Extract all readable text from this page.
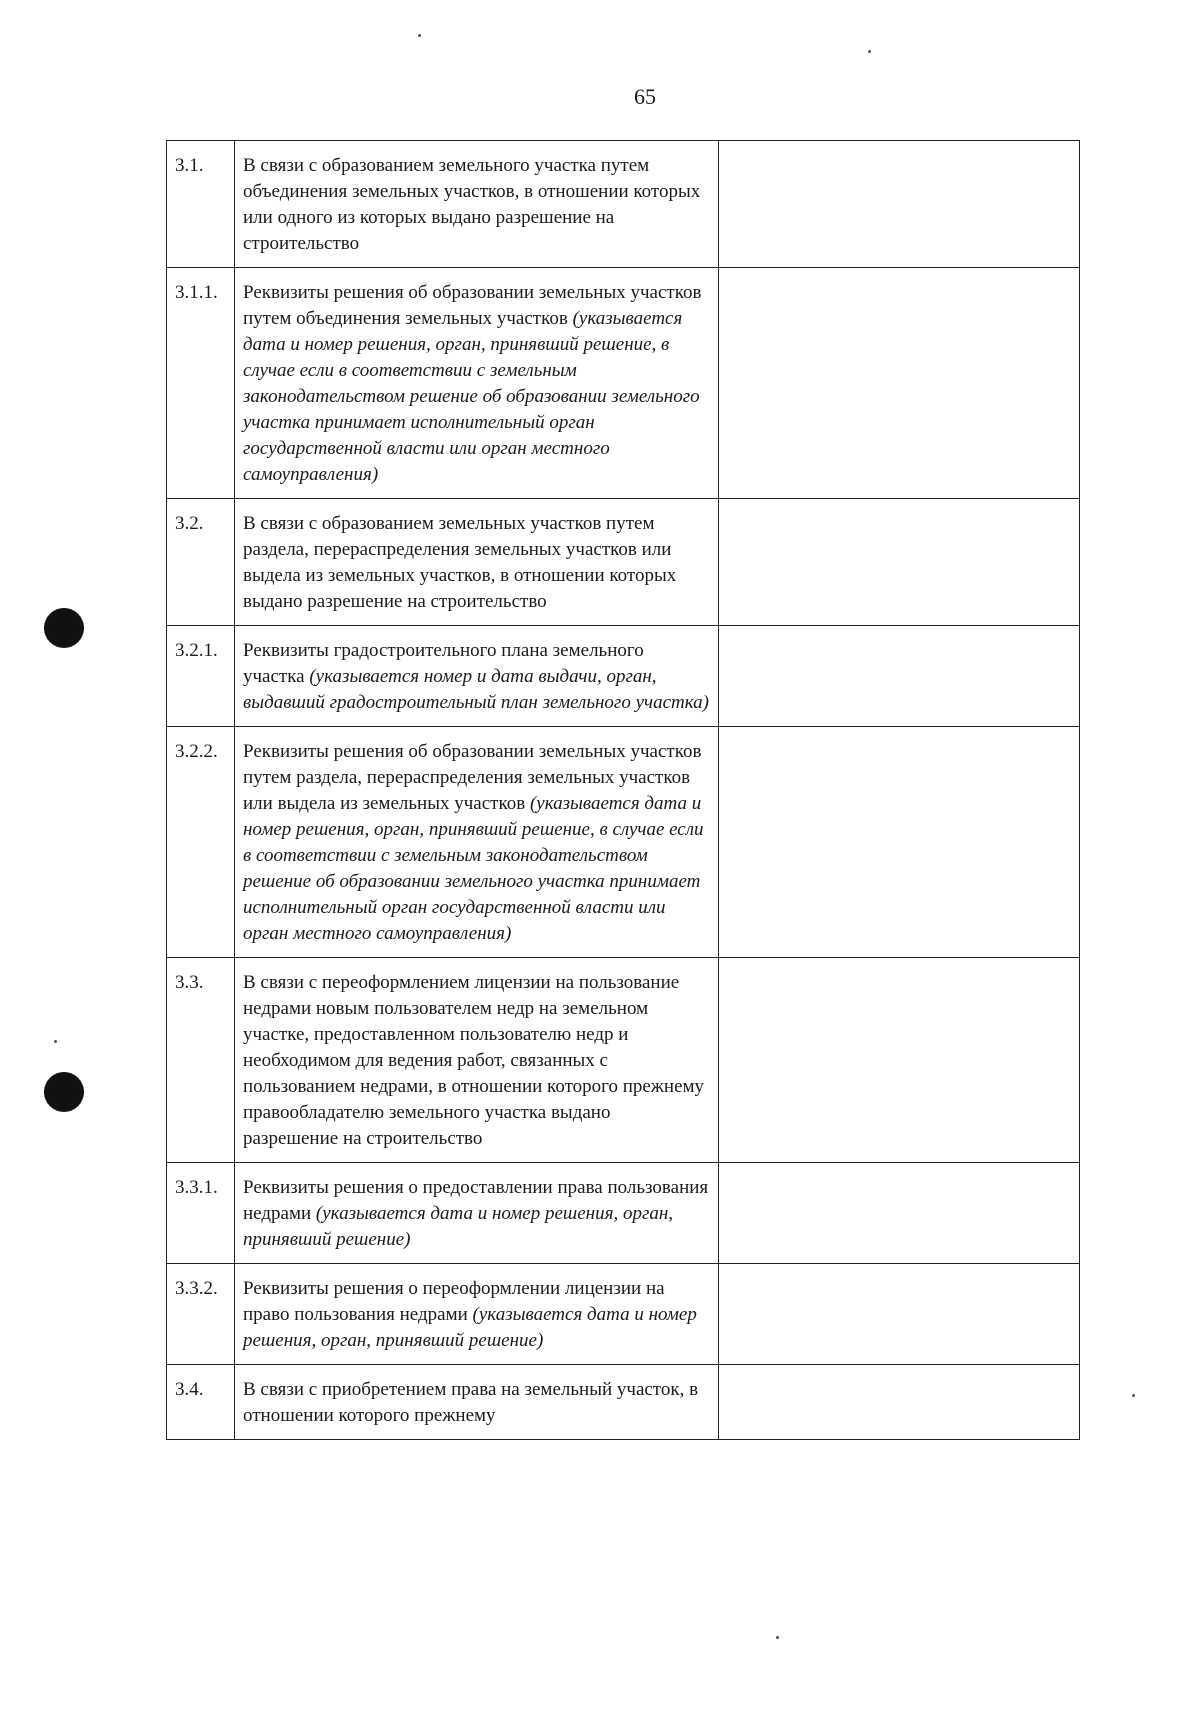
65
3.1.	В связи с образованием земельного участка путем объединения земельных участков, в отношении которых или одного из которых выдано разрешение на строительство	
3.1.1.	Реквизиты решения об образовании земельных участков путем объединения земельных участков (указывается дата и номер решения, орган, принявший решение, в случае если в соответствии с земельным законодательством решение об образовании земельного участка принимает исполнительный орган государственной власти или орган местного самоуправления)	
3.2.	В связи с образованием земельных участков путем раздела, перераспределения земельных участков или выдела из земельных участков, в отношении которых выдано разрешение на строительство	
3.2.1.	Реквизиты градостроительного плана земельного участка (указывается номер и дата выдачи, орган, выдавший градостроительный план земельного участка)	
3.2.2.	Реквизиты решения об образовании земельных участков путем раздела, перераспределения земельных участков или выдела из земельных участков (указывается дата и номер решения, орган, принявший решение, в случае если в соответствии с земельным законодательством решение об образовании земельного участка принимает исполнительный орган государственной власти или орган местного самоуправления)	
3.3.	В связи с переоформлением лицензии на пользование недрами новым пользователем недр на земельном участке, предоставленном пользователю недр и необходимом для ведения работ, связанных с пользованием недрами, в отношении которого прежнему правообладателю земельного участка выдано разрешение на строительство	
3.3.1.	Реквизиты решения о предоставлении права пользования недрами (указывается дата и номер решения, орган, принявший решение)	
3.3.2.	Реквизиты решения о переоформлении лицензии на право пользования недрами (указывается дата и номер решения, орган, принявший решение)	
3.4.	В связи с приобретением права на земельный участок, в отношении которого прежнему	
